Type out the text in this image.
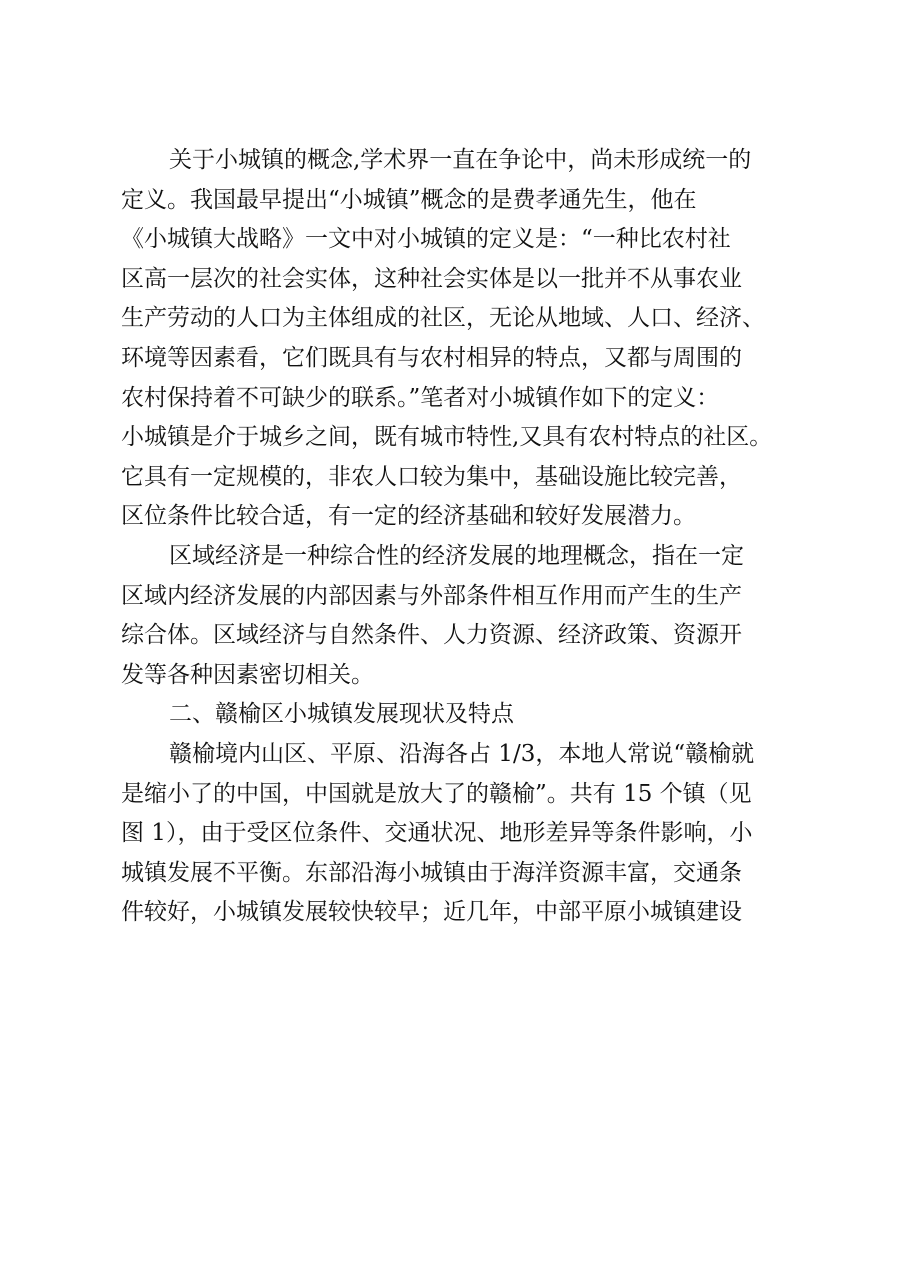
关于小城镇的概念,学术界一直在争论中，尚未形成统一的
定义。我国最早提出“小城镇”概念的是费孝通先生，他在
《小城镇大战略》一文中对小城镇的定义是：“一种比农村社
区高一层次的社会实体，这种社会实体是以一批并不从事农业
生产劳动的人口为主体组成的社区，无论从地域、人口、经济、
环境等因素看，它们既具有与农村相异的特点，又都与周围的
农村保持着不可缺少的联系。”笔者对小城镇作如下的定义：
小城镇是介于城乡之间，既有城市特性,又具有农村特点的社区。
它具有一定规模的，非农人口较为集中，基础设施比较完善，
区位条件比较合适，有一定的经济基础和较好发展潜力。
区域经济是一种综合性的经济发展的地理概念，指在一定
区域内经济发展的内部因素与外部条件相互作用而产生的生产
综合体。区域经济与自然条件、人力资源、经济政策、资源开
发等各种因素密切相关。
二、赣榆区小城镇发展现状及特点
赣榆境内山区、平原、沿海各占 1/3，本地人常说“赣榆就
是缩小了的中国，中国就是放大了的赣榆”。共有 15 个镇（见
图 1），由于受区位条件、交通状况、地形差异等条件影响，小
城镇发展不平衡。东部沿海小城镇由于海洋资源丰富，交通条
件较好，小城镇发展较快较早；近几年，中部平原小城镇建设
